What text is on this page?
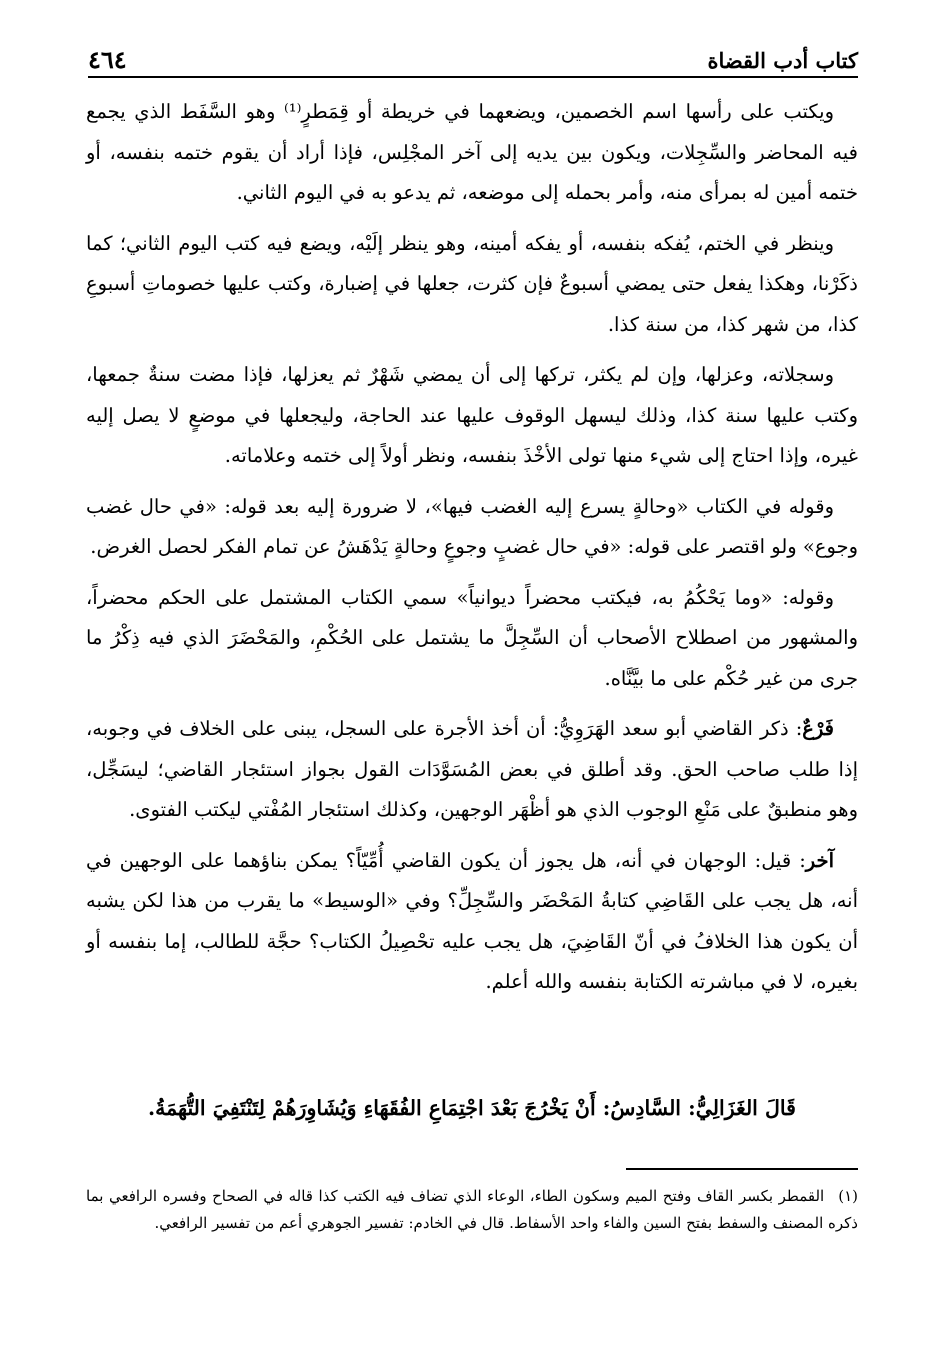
كتاب أدب القضاة
٤٦٤

ويكتب على رأسها اسم الخصمين، ويضعهما في خريطة أو قِمَطرٍ⁽¹⁾ وهو السَّفَط الذي يجمع فيه المحاضر والسِّجِلات، ويكون بين يديه إلى آخر المجْلِس، فإذا أراد أن يقوم ختمه بنفسه، أو ختمه أمين له بمرأى منه، وأمر بحمله إلى موضعه، ثم يدعو به في اليوم الثاني.

وينظر في الختم، يُفكه بنفسه، أو يفكه أمينه، وهو ينظر إلَيْه، ويضع فيه كتب اليوم الثاني؛ كما ذكَرْنا، وهكذا يفعل حتى يمضي أسبوعٌ فإن كثرت، جعلها في إضبارة، وكتب عليها خصوماتِ أسبوعِ كذا، من شهر كذا، من سنة كذا.

وسجلاته، وعزلها، وإن لم يكثر، تركها إلى أن يمضي شَهْرٌ ثم يعزلها، فإذا مضت سنةٌ جمعها، وكتب عليها سنة كذا، وذلك ليسهل الوقوف عليها عند الحاجة، وليجعلها في موضعٍ لا يصل إليه غيره، وإذا احتاج إلى شيء منها تولى الأخْذَ بنفسه، ونظر أولاً إلى ختمه وعلاماته.

وقوله في الكتاب «وحالةٍ يسرع إليه الغضب فيها»، لا ضرورة إليه بعد قوله: «في حال غضب وجوع» ولو اقتصر على قوله: «في حال غضبٍ وجوعٍ وحالةٍ يَدْهَشُ عن تمام الفكر لحصل الغرض.

وقوله: «وما يَحْكُمُ به، فيكتب محضراً ديوانياً» سمي الكتاب المشتمل على الحكم محضراً، والمشهور من اصطلاح الأصحاب أن السِّجِلَّ ما يشتمل على الحُكْمِ، والمَحْضَرَ الذي فيه ذِكْرُ ما جرى من غير حُكْم على ما بيَّنَّاه.

فَرْعٌ: ذكر القاضي أبو سعد الهَرَوِيُّ: أن أخذ الأجرة على السجل، يبنى على الخلاف في وجوبه، إذا طلب صاحب الحق. وقد أطلق في بعض المُسَوَّدَات القول بجواز استئجار القاضي؛ ليسَجِّل، وهو منطبقٌ على مَنْعِ الوجوب الذي هو أظْهَر الوجهين، وكذلك استئجار المُفْتي ليكتب الفتوى.

آخر: قيل: الوجهان في أنه، هل يجوز أن يكون القاضي أُمِّيّاً؟ يمكن بناؤهما على الوجهين في أنه، هل يجب على القَاضِي كتابةُ المَحْضَر والسِّجِلِّ؟ وفي «الوسيط» ما يقرب من هذا لكن يشبه أن يكون هذا الخلافُ في أنّ القَاضِيَ، هل يجب عليه تحْصِيلُ الكتاب؟ حجَّة للطالب، إما بنفسه أو بغيره، لا في مباشرته الكتابة بنفسه والله أعلم.

قَالَ الغَزَالِيُّ: السَّادِسُ: أَنْ يَخْرُجَ بَعْدَ اجْتِمَاعِ الفُقَهَاءِ وَيُشَاوِرَهُمْ لِتَنْتَفِيَ التُّهَمَةُ.
(١)القمطر بكسر القاف وفتح الميم وسكون الطاء، الوعاء الذي تضاف فيه الكتب كذا قاله في الصحاح وفسره الرافعي بما ذكره المصنف والسفط بفتح السين والفاء واحد الأسفاط. قال في الخادم: تفسير الجوهري أعم من تفسير الرافعي.
